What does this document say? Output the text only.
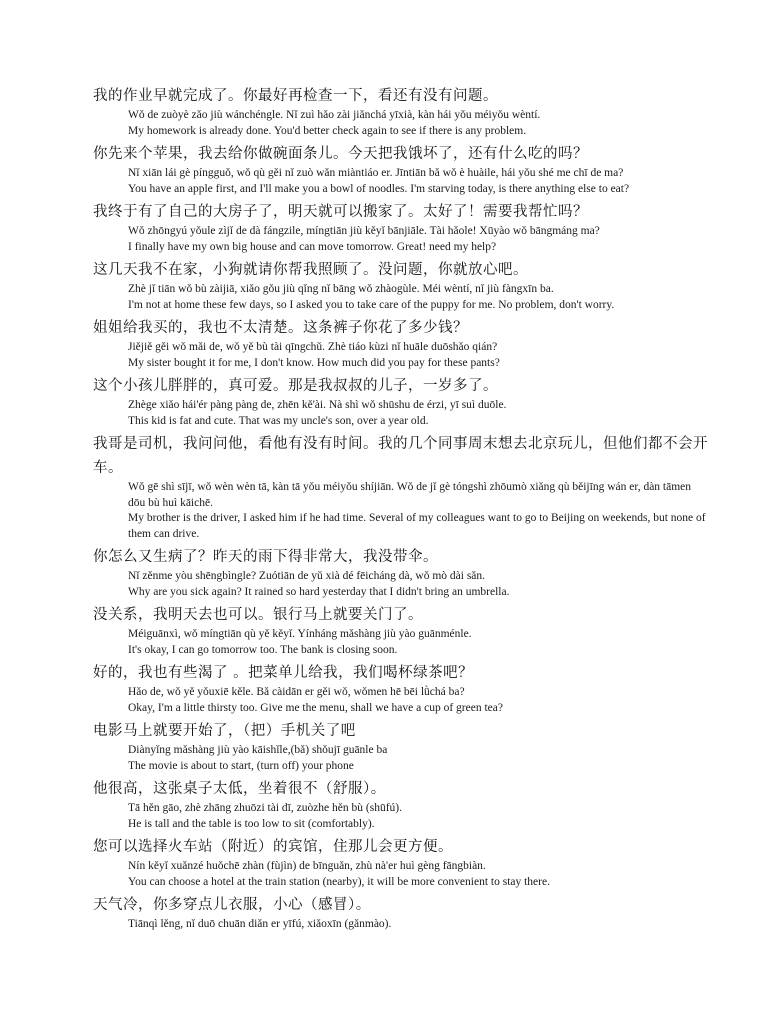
我的作业早就完成了。你最好再检查一下，看还有没有问题。
Wǒ de zuòyè zǎo jiù wánchéngle. Nǐ zuì hǎo zài jiǎnchá yīxià, kàn hái yǒu méiyǒu wèntí.
My homework is already done. You'd better check again to see if there is any problem.
你先来个苹果，我去给你做碗面条儿。今天把我饿坏了，还有什么吃的吗？
Nǐ xiān lái gè píngguǒ, wǒ qù gěi nǐ zuò wǎn miàntiáo er. Jīntiān bǎ wǒ è huàile, hái yǒu shé me chī de ma?
You have an apple first, and I'll make you a bowl of noodles. I'm starving today, is there anything else to eat?
我终于有了自己的大房子了，明天就可以搬家了。太好了！需要我帮忙吗？
Wǒ zhōngyú yǒule zìjǐ de dà fángzile, míngtiān jiù kěyǐ bānjiāle. Tài hǎole! Xūyào wǒ bāngmáng ma?
I finally have my own big house and can move tomorrow. Great! need my help?
这几天我不在家，小狗就请你帮我照顾了。没问题，你就放心吧。
Zhè jǐ tiān wǒ bù zàijiā, xiǎo gǒu jiù qǐng nǐ bāng wǒ zhàogùle. Méi wèntí, nǐ jiù fàngxīn ba.
I'm not at home these few days, so I asked you to take care of the puppy for me. No problem, don't worry.
姐姐给我买的，我也不太清楚。这条裤子你花了多少钱？
Jiějiě gěi wǒ mǎi de, wǒ yě bù tài qīngchǔ. Zhè tiáo kùzi nǐ huāle duōshǎo qián?
My sister bought it for me, I don't know. How much did you pay for these pants?
这个小孩儿胖胖的，真可爱。那是我叔叔的儿子，一岁多了。
Zhège xiǎo hái'ér pàng pàng de, zhēn kě'ài. Nà shì wǒ shūshu de érzi, yī suì duōle.
This kid is fat and cute. That was my uncle's son, over a year old.
我哥是司机，我问问他，看他有没有时间。我的几个同事周末想去北京玩儿，但他们都不会开车。
Wǒ gē shì sījī, wǒ wèn wèn tā, kàn tā yǒu méiyǒu shíjiān. Wǒ de jǐ gè tóngshì zhōumò xiǎng qù běijīng wán er, dàn tāmen dōu bù huì kāichē.
My brother is the driver, I asked him if he had time. Several of my colleagues want to go to Beijing on weekends, but none of them can drive.
你怎么又生病了？昨天的雨下得非常大，我没带伞。
Nǐ zěnme yòu shēngbìngle? Zuótiān de yǔ xià dé fēicháng dà, wǒ mò dài sǎn.
Why are you sick again? It rained so hard yesterday that I didn't bring an umbrella.
没关系，我明天去也可以。银行马上就要关门了。
Méiguānxì, wǒ míngtiān qù yě kěyǐ. Yínháng mǎshàng jiù yào guānménle.
It's okay, I can go tomorrow too. The bank is closing soon.
好的，我也有些渴了 。把菜单儿给我，我们喝杯绿茶吧？
Hǎo de, wǒ yě yǒuxiē kěle. Bǎ càidān er gěi wǒ, wǒmen hē bēi lǜchá ba?
Okay, I'm a little thirsty too. Give me the menu, shall we have a cup of green tea?
电影马上就要开始了，（把）手机关了吧
Diànyǐng mǎshàng jiù yào kāishǐle,(bǎ) shǒujī guānle ba
The movie is about to start, (turn off) your phone
他很高，这张桌子太低，坐着很不（舒服）。
Tā hěn gāo, zhè zhāng zhuōzi tài dī, zuòzhe hěn bù (shūfú).
He is tall and the table is too low to sit (comfortably).
您可以选择火车站（附近）的宾馆，住那儿会更方便。
Nín kěyǐ xuǎnzé huǒchē zhàn (fùjìn) de bīnguǎn, zhù nà'er huì gèng fāngbiàn.
You can choose a hotel at the train station (nearby), it will be more convenient to stay there.
天气冷，你多穿点儿衣服，小心（感冒）。
Tiānqì lěng, nǐ duō chuān diǎn er yīfú, xiǎoxīn (gǎnmào).
